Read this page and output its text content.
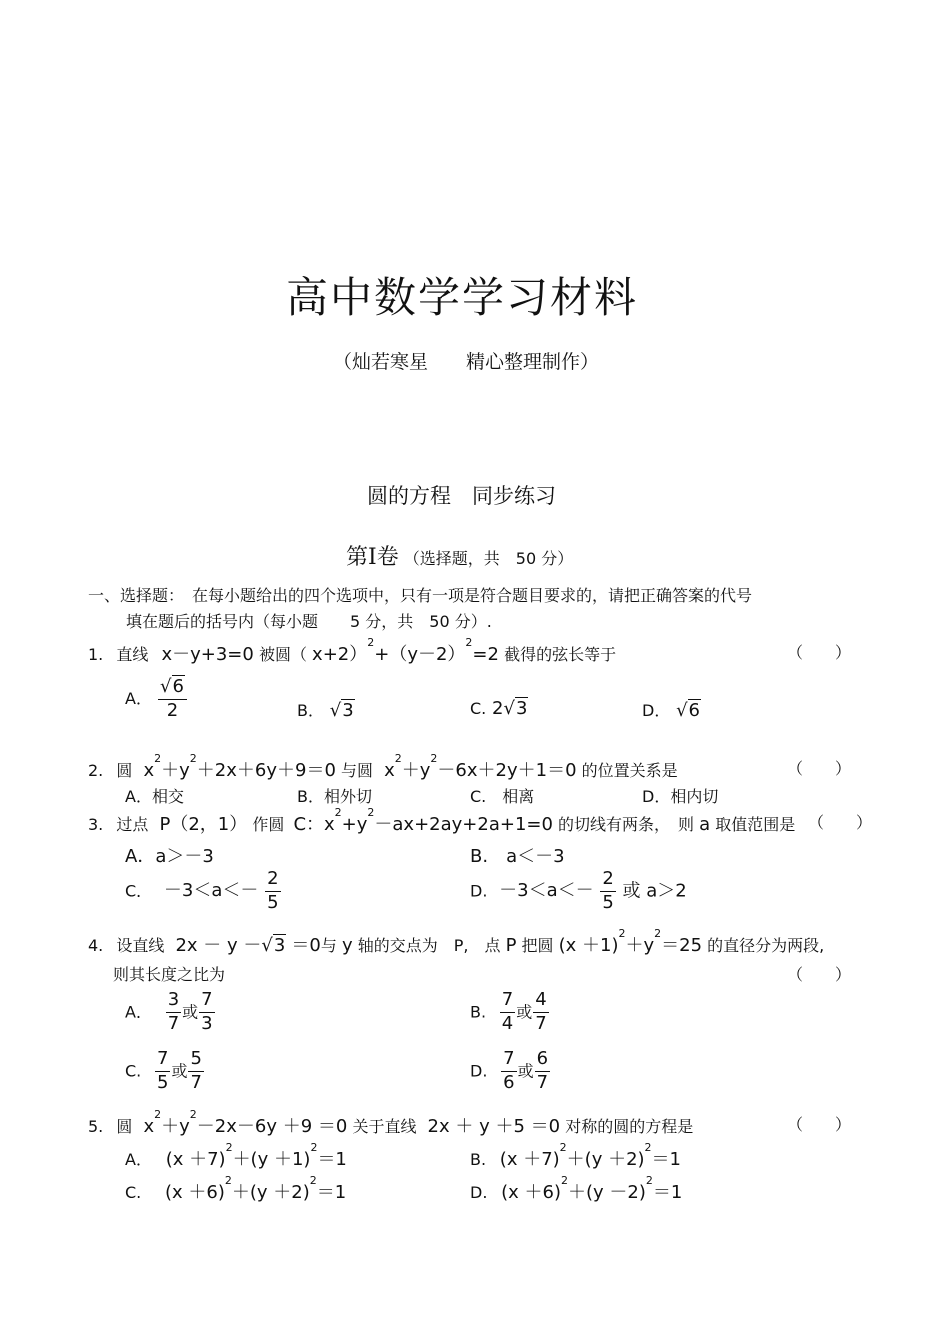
高中数学学习材料
（灿若寒星　　精心整理制作）
圆的方程　同步练习
第Ⅰ卷 （选择题，共　50 分）
一、选择题：　在每小题给出的四个选项中，只有一项是符合题目要求的，请把正确答案的代号
填在题后的括号内（每小题　　5 分，共　50 分）.
1. 直线 x－y+3=0 被圆（ $x+2)^2+(y-2)^2=2$ 截得的弦长等于	（　　）
A． $\frac{√6}{2}$	B． √3	C. 2√3	D． √6
2. 圆 $x^2+y^2+2x+6y+9=0$ 与圆 $x^2+y^2-6x+2y+1=0$ 的位置关系是	（　　）
A．相交	B．相外切	C.　相离	D．相内切
3. 过点 P（2，1） 作圆 C：$x^2+y^2-ax+2ay+2a+1=0$ 的切线有两条，　则 a 取值范围是 （　　）
A．a＞－3	B.　a＜－3
C． $-3<a<- \frac{2}{5}$	D. $-3<a<- \frac{2}{5}$ 或 a＞2
4. 设直线 2x － y －√3 ＝0与 y 轴的交点为　P,　点 P 把圆 $(x +1)^2+y^2=25$ 的直径分为两段,
则其长度之比为	（　　）
A． $\frac{3}{7}$ 或 $\frac{7}{3}$	B. $\frac{7}{4}$ 或 $\frac{4}{7}$
C. $\frac{7}{5}$ 或 $\frac{5}{7}$	D. $\frac{7}{6}$ 或 $\frac{6}{7}$
5. 圆 $x^2+y^2-2x-6y +9 =0$ 关于直线 2x ＋ y ＋5 ＝0 对称的圆的方程是	（　　）
A． $(x +7)^2+(y +1)^2=1$	B. $(x +7)^2+(y +2)^2=1$
C. $(x +6)^2+(y +2)^2=1$	D. $(x +6)^2+(y -2)^2=1$
